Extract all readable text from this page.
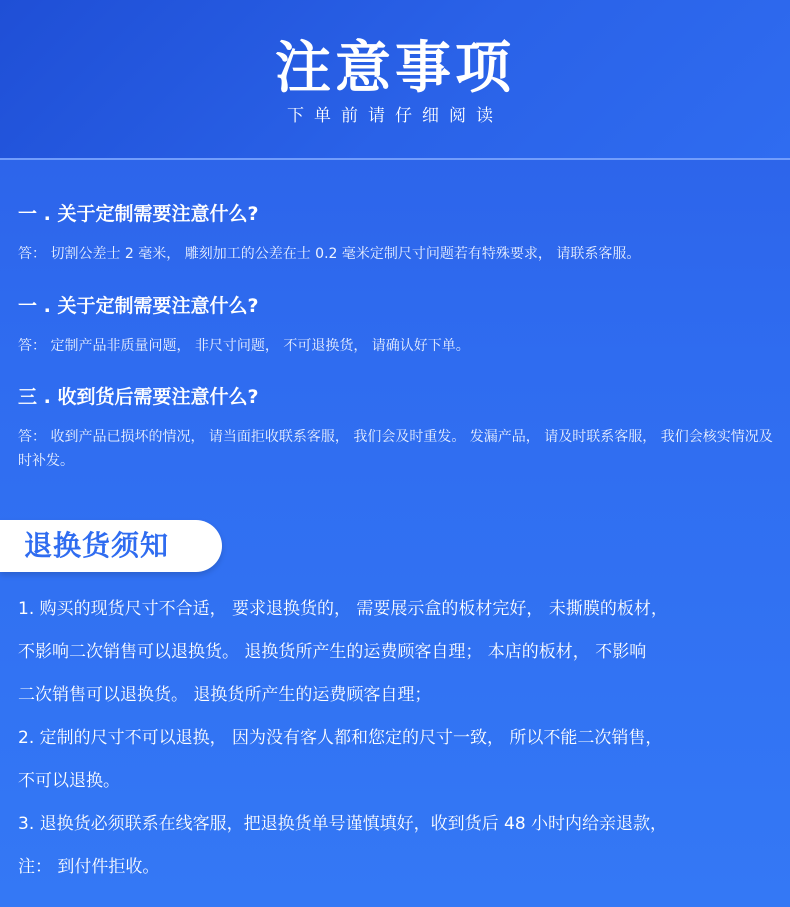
注意事项
下单前请仔细阅读

一 . 关于定制需要注意什么?

答： 切割公差士 2 毫米， 雕刻加工的公差在士 0.2 毫米定制尺寸问题若有特殊要求， 请联系客服。

一 . 关于定制需要注意什么?

答： 定制产品非质量问题， 非尺寸问题， 不可退换货， 请确认好下单。

三 . 收到货后需要注意什么?

答： 收到产品已损坏的情况， 请当面拒收联系客服， 我们会及时重发。 发漏产品， 请及时联系客服， 我们会核实情况及时补发。

退换货须知

1. 购买的现货尺寸不合适， 要求退换货的， 需要展示盒的板材完好， 未撕膜的板材，

不影响二次销售可以退换货。 退换货所产生的运费顾客自理； 本店的板材， 不影响

二次销售可以退换货。 退换货所产生的运费顾客自理；

2. 定制的尺寸不可以退换， 因为没有客人都和您定的尺寸一致， 所以不能二次销售，

不可以退换。

3. 退换货必须联系在线客服，把退换货单号谨慎填好，收到货后 48 小时内给亲退款，

注： 到付件拒收。
